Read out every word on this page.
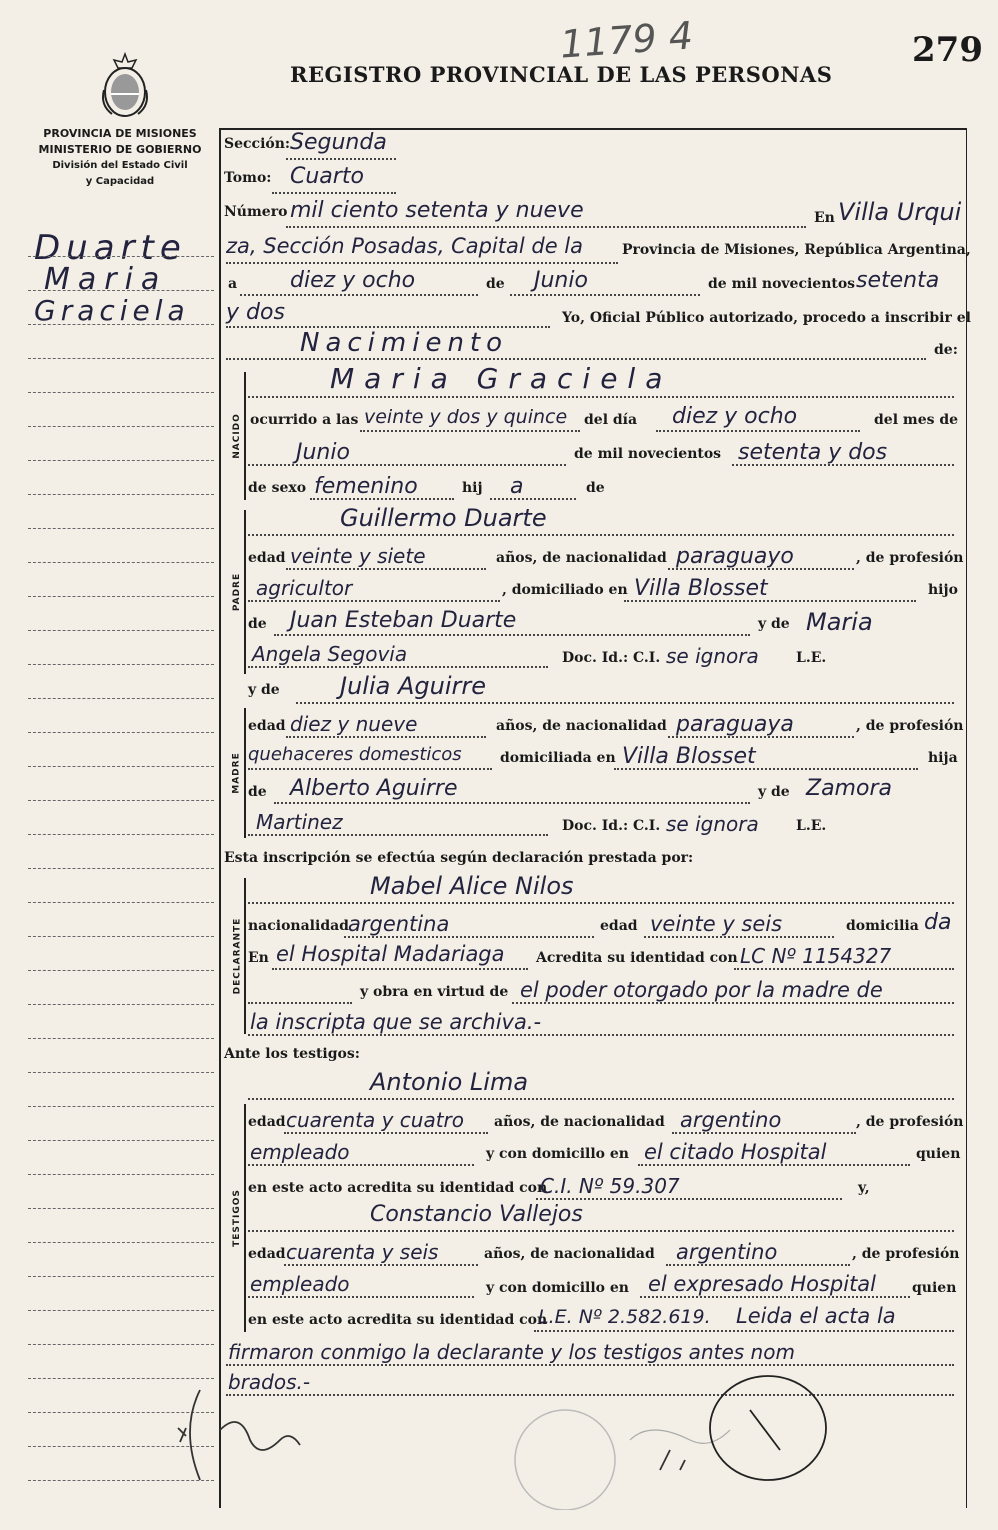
REGISTRO PROVINCIAL DE LAS PERSONAS
1179 4	279
PROVINCIA DE MISIONES
MINISTERIO DE GOBIERNO
División del Estado Civil
y Capacidad
Duarte
Maria
Graciela
Sección: Segunda
Tomo: Cuarto
Número mil ciento setenta y nueve	En Villa Urqui
za, Sección Posadas, Capital de la	Provincia de Misiones, República Argentina,
a diez y ocho	de Junio	de mil novecientos setenta
y dos	Yo, Oficial Público autorizado, procedo a inscribir el
Nacimiento	de:
NACIDO
Maria Graciela
ocurrido a las veinte y dos y quince del día diez y ocho	del mes de
Junio	de mil novecientos setenta y dos
de sexo femenino	hij a	de
PADRE
Guillermo Duarte
edad veinte y siete	años, de nacionalidad paraguayo	, de profesión
agricultor	, domiciliado en Villa Blosset	hijo
de Juan Esteban Duarte	y de Maria
Angela Segovia	Doc. Id.: C.I. se ignora	L.E.
y de	Julia Aguirre
MADRE
edad diez y nueve	años, de nacionalidad paraguaya	, de profesión
quehaceres domesticos	domiciliada en Villa Blosset	hija
de Alberto Aguirre	y de Zamora
Martinez	Doc. Id.: C.I. se ignora	L.E.
Esta inscripción se efectúa según declaración prestada por:
DECLARANTE
Mabel Alice Nilos
nacionalidad argentina	edad veinte y seis	domicilia da
En el Hospital Madariaga Acredita su identidad con LC Nº 1154327
y obra en virtud de el poder otorgado por la madre de
la inscripta que se archiva.-
Ante los testigos:
TESTIGOS
Antonio Lima
edad cuarenta y cuatro años, de nacionalidad argentino	, de profesión
empleado	y con domicillo en el citado Hospital	quien
en este acto acredita su identidad con
C.I. Nº 59.307	y,
Constancio Vallejos
edad cuarenta y seis	años, de nacionalidad argentino	, de profesión
empleado	y con domicillo en el expresado Hospital	quien
en este acto acredita su identidad con
L.E. Nº 2.582.619. Leida el acta la
firmaron conmigo la declarante y los testigos antes nom
brados.-
